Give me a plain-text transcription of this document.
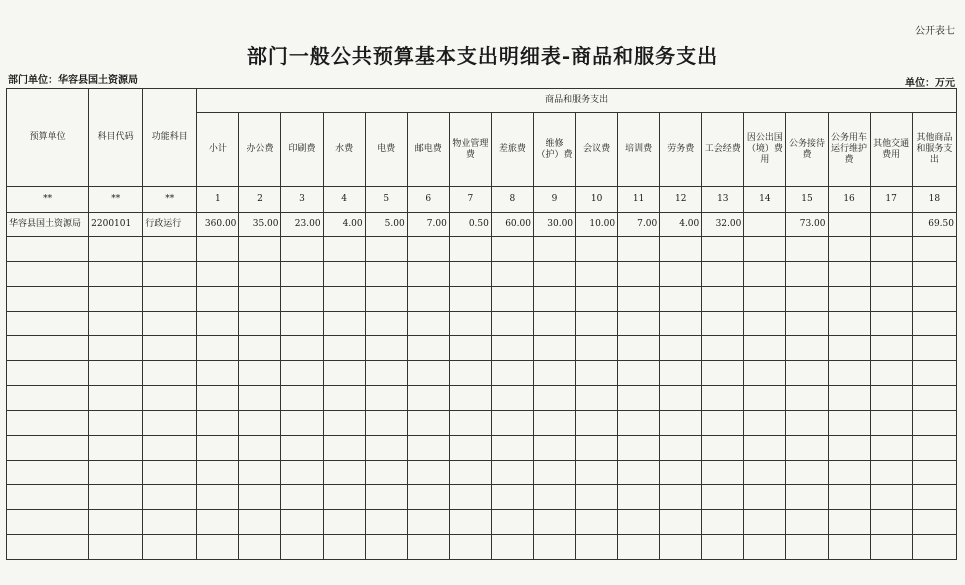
公开表七
部门一般公共预算基本支出明细表-商品和服务支出
部门单位：华容县国土资源局	单位：万元
预算单位	科目代码	功能科目	商品和服务支出																	
			小计	办公费	印刷费	水费	电费	邮电费	物业管理费	差旅费	维修（护）费	会议费	培训费	劳务费	工会经费	因公出国（境）费用	公务接待费	公务用车运行维护费	其他交通费用	其他商品和服务支出
**	**	**	1	2	3	4	5	6	7	8	9	10	11	12	13	14	15	16	17	18
华容县国土资源局	2200101	行政运行	360.00	35.00	23.00	4.00	5.00	7.00	0.50	60.00	30.00	10.00	7.00	4.00	32.00		73.00			69.50
